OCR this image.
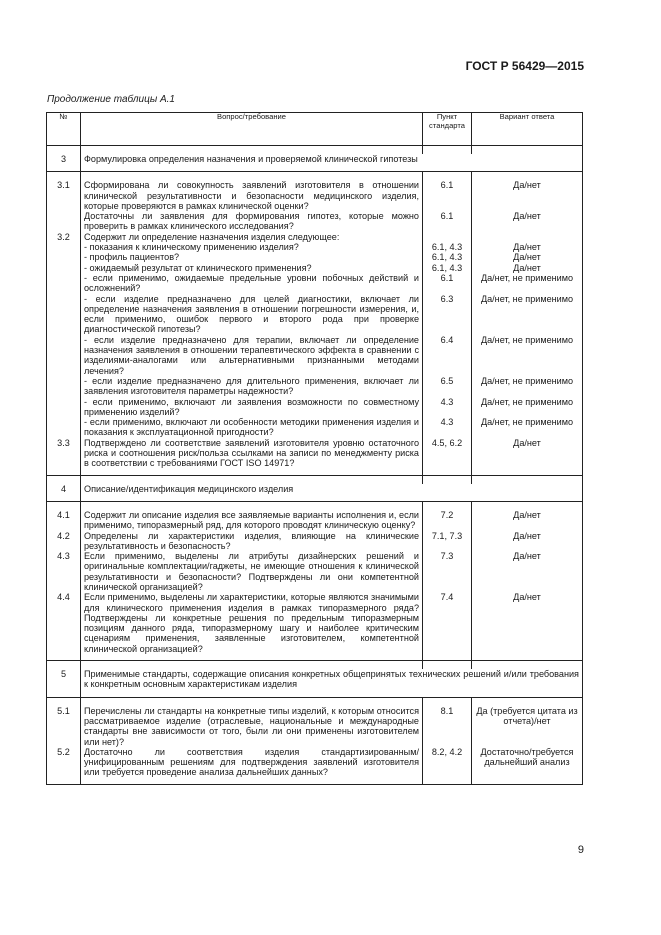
ГОСТ Р 56429—2015
Продолжение таблицы А.1
№	Вопрос/требование	Пункт стандарта	Вариант ответа

3	Формулировка определения назначения и проверяемой клинической гипотезы		

3.1	Сформирована ли совокупность заявлений изготовителя в отношении клинической результативности и безопасности медицинского изделия, которые проверяются в рамках клинической оценки?	6.1	Да/нет
	Достаточны ли заявления для формирования гипотез, которые можно проверить в рамках клинического исследования?	6.1	Да/нет
3.2	Содержит ли определение назначения изделия следующее:		
	- показания к клиническому применению изделия?	6.1, 4.3	Да/нет
	- профиль пациентов?	6.1, 4.3	Да/нет
	- ожидаемый результат от клинического применения?	6.1, 4.3	Да/нет
	- если применимо, ожидаемые предельные уровни побочных действий и осложнений?	6.1	Да/нет, не применимо
	- если изделие предназначено для целей диагностики, включает ли определение назначения заявления в отношении погрешности измерения, и, если применимо, ошибок первого и второго рода при проверке диагностической гипотезы?	6.3	Да/нет, не применимо
	- если изделие предназначено для терапии, включает ли определение назначения заявления в отношении терапевтического эффекта в сравнении с изделиями-аналогами или альтернативными признанными методами лечения?	6.4	Да/нет, не применимо
	- если изделие предназначено для длительного применения, включает ли заявления изготовителя параметры надежности?	6.5	Да/нет, не применимо
	- если применимо, включают ли заявления возможности по совместному применению изделий?	4.3	Да/нет, не применимо
	- если применимо, включают ли особенности методики применения изделия и показания к эксплуатационной пригодности?	4.3	Да/нет, не применимо
3.3	Подтверждено ли соответствие заявлений изготовителя уровню остаточного риска и соотношения риск/польза ссылками на записи по менеджменту риска в соответствии с требованиями ГОСТ ISO 14971?	4.5, 6.2	Да/нет

4	Описание/идентификация медицинского изделия		

4.1	Содержит ли описание изделия все заявляемые варианты исполнения и, если применимо, типоразмерный ряд, для которого проводят клиническую оценку?	7.2	Да/нет
4.2	Определены ли характеристики изделия, влияющие на клинические результативность и безопасность?	7.1, 7.3	Да/нет
4.3	Если применимо, выделены ли атрибуты дизайнерских решений и оригинальные комплектации/гаджеты, не имеющие отношения к клинической результативности и безопасности? Подтверждены ли они компетентной клинической организацией?	7.3	Да/нет
4.4	Если применимо, выделены ли характеристики, которые являются значимыми для клинического применения изделия в рамках типоразмерного ряда? Подтверждены ли конкретные решения по предельным типоразмерным позициям данного ряда, типоразмерному шагу и наиболее критическим сценариям применения, заявленные изготовителем, компетентной клинической организацией?	7.4	Да/нет

5	Применимые стандарты, содержащие описания конкретных общепринятых технических решений и/или требования к конкретным основным характеристикам изделия		

5.1	Перечислены ли стандарты на конкретные типы изделий, к которым относится рассматриваемое изделие (отраслевые, национальные и международные стандарты вне зависимости от того, были ли они применены изготовителем или нет)?	8.1	Да (требуется цитата из отчета)/нет
5.2	Достаточно ли соответствия изделия стандартизированным/унифицированным решениям для подтверждения заявлений изготовителя или требуется проведение анализа дальнейших данных?	8.2, 4.2	Достаточно/требуется дальнейший анализ

9
